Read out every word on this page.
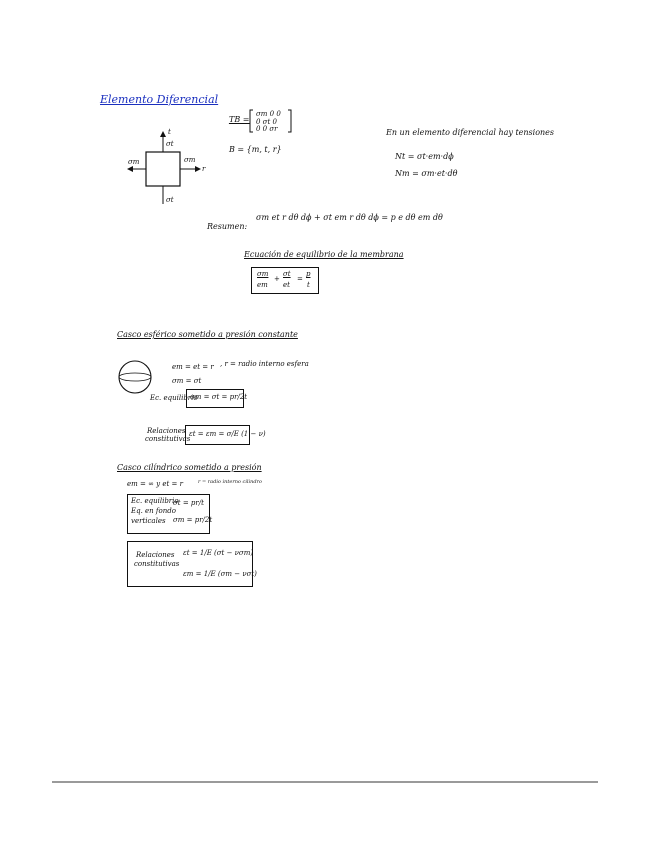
Elemento Diferencial
t
σt
σm
r
σm
σt
T̲B =
σm 0 0
0 σt 0
0 0 σr
B = {m, t, r}
En un elemento diferencial hay tensiones
Nt = σt·em·dϕ
Nm = σm·et·dθ
Resumen:
σm et r dθ dϕ + σt em r dθ dϕ = p e dθ em dθ
Ecuación de equilibrio de la membrana
σm
em
+
σt
et
=
p
t
Casco esférico sometido a presión constante
em = et = r , r = radio interno esfera
σm = σt
Ec. equilibrio
σm = σt = pr/2t
Relaciones
constitutivas
εt = εm = σ/E (1 − ν)
Casco cilíndrico sometido a presión
em = ∞ y et = r	r = radio interno cilindro
Ec. equilibrio
Eq. en fondo
verticales
σt = pr/t
σm = pr/2t
Relaciones
constitutivas
εt = 1/E (σt − νσm)
εm = 1/E (σm − νσt)
